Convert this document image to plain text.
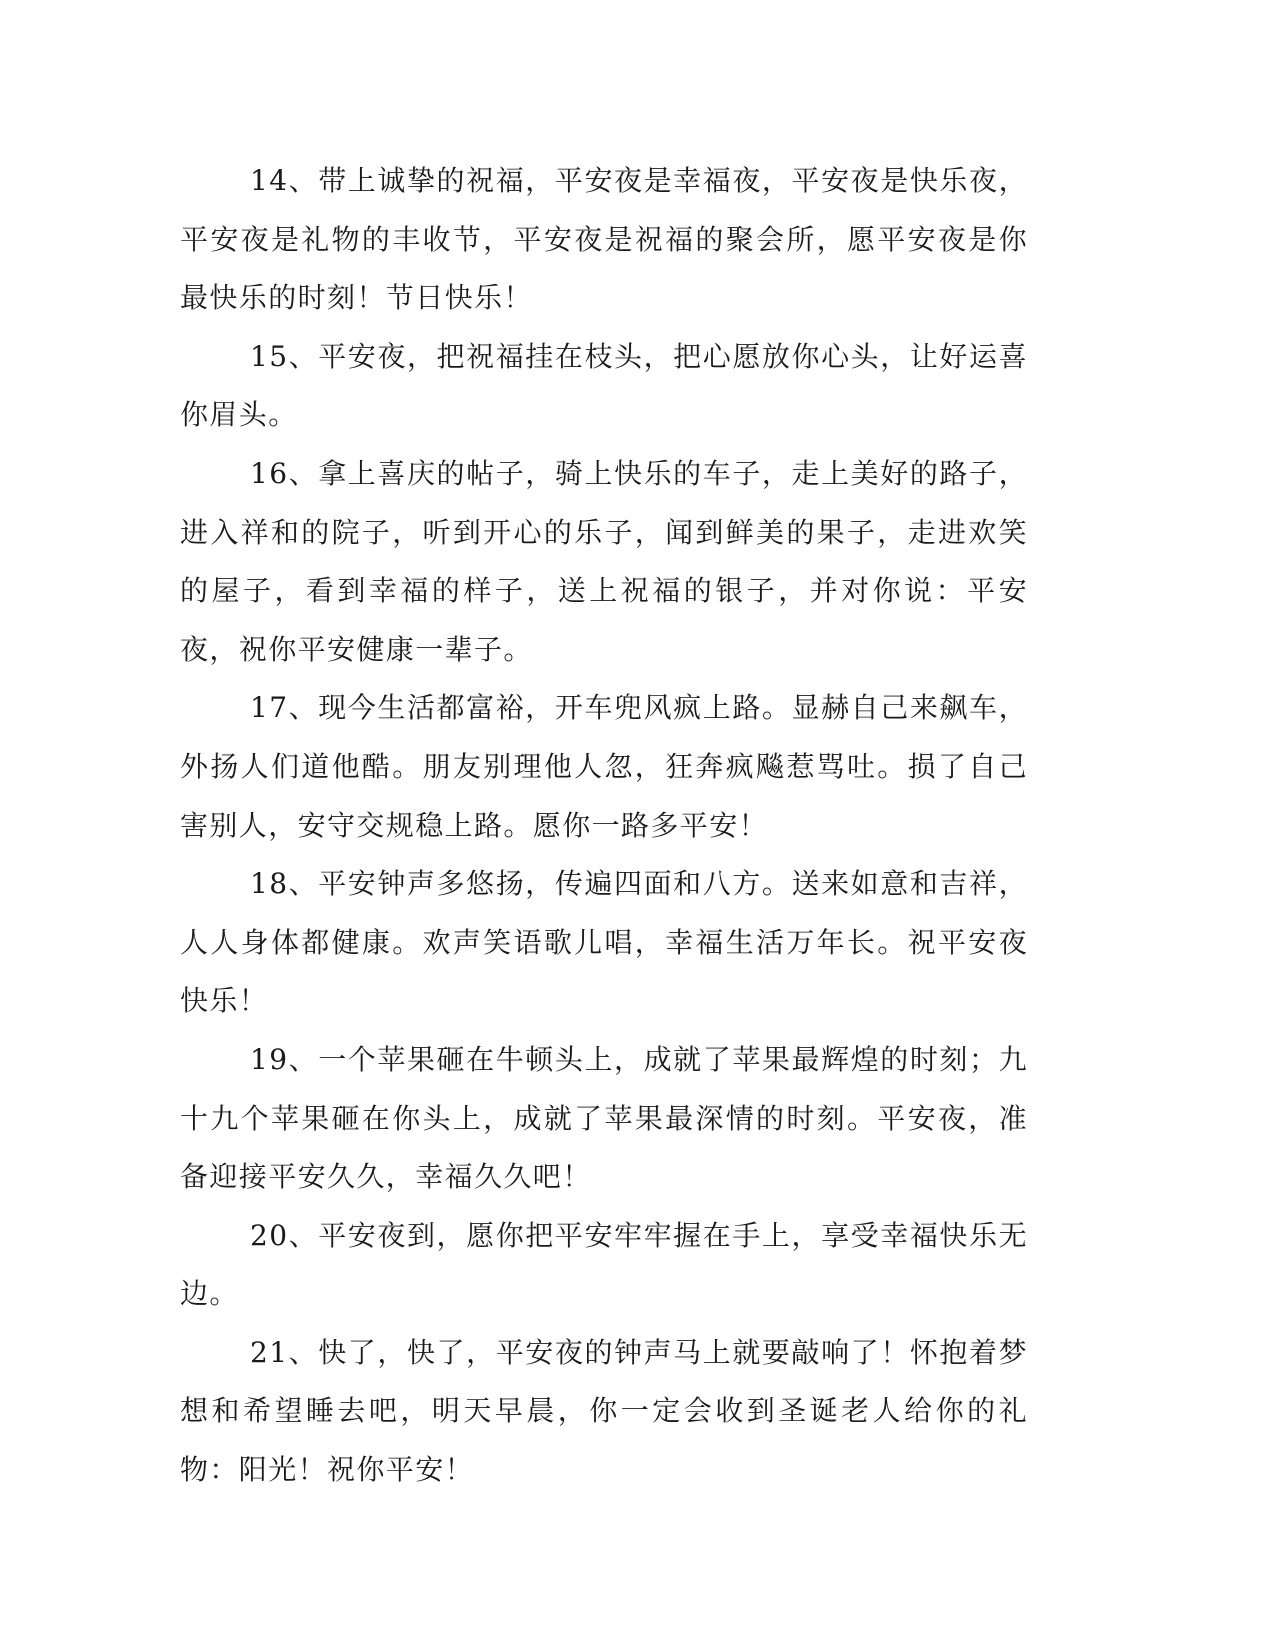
14、带上诚挚的祝福，平安夜是幸福夜，平安夜是快乐夜，平安夜是礼物的丰收节，平安夜是祝福的聚会所，愿平安夜是你最快乐的时刻！节日快乐！

15、平安夜，把祝福挂在枝头，把心愿放你心头，让好运喜你眉头。

16、拿上喜庆的帖子，骑上快乐的车子，走上美好的路子，进入祥和的院子，听到开心的乐子，闻到鲜美的果子，走进欢笑的屋子，看到幸福的样子，送上祝福的银子，并对你说：平安夜，祝你平安健康一辈子。

17、现今生活都富裕，开车兜风疯上路。显赫自己来飙车，外扬人们道他酷。朋友别理他人忽，狂奔疯飚惹骂吐。损了自己害别人，安守交规稳上路。愿你一路多平安！

18、平安钟声多悠扬，传遍四面和八方。送来如意和吉祥，人人身体都健康。欢声笑语歌儿唱，幸福生活万年长。祝平安夜快乐！

19、一个苹果砸在牛顿头上，成就了苹果最辉煌的时刻；九十九个苹果砸在你头上，成就了苹果最深情的时刻。平安夜，准备迎接平安久久，幸福久久吧！

20、平安夜到，愿你把平安牢牢握在手上，享受幸福快乐无边。

21、快了，快了，平安夜的钟声马上就要敲响了！怀抱着梦想和希望睡去吧，明天早晨，你一定会收到圣诞老人给你的礼物：阳光！祝你平安！
